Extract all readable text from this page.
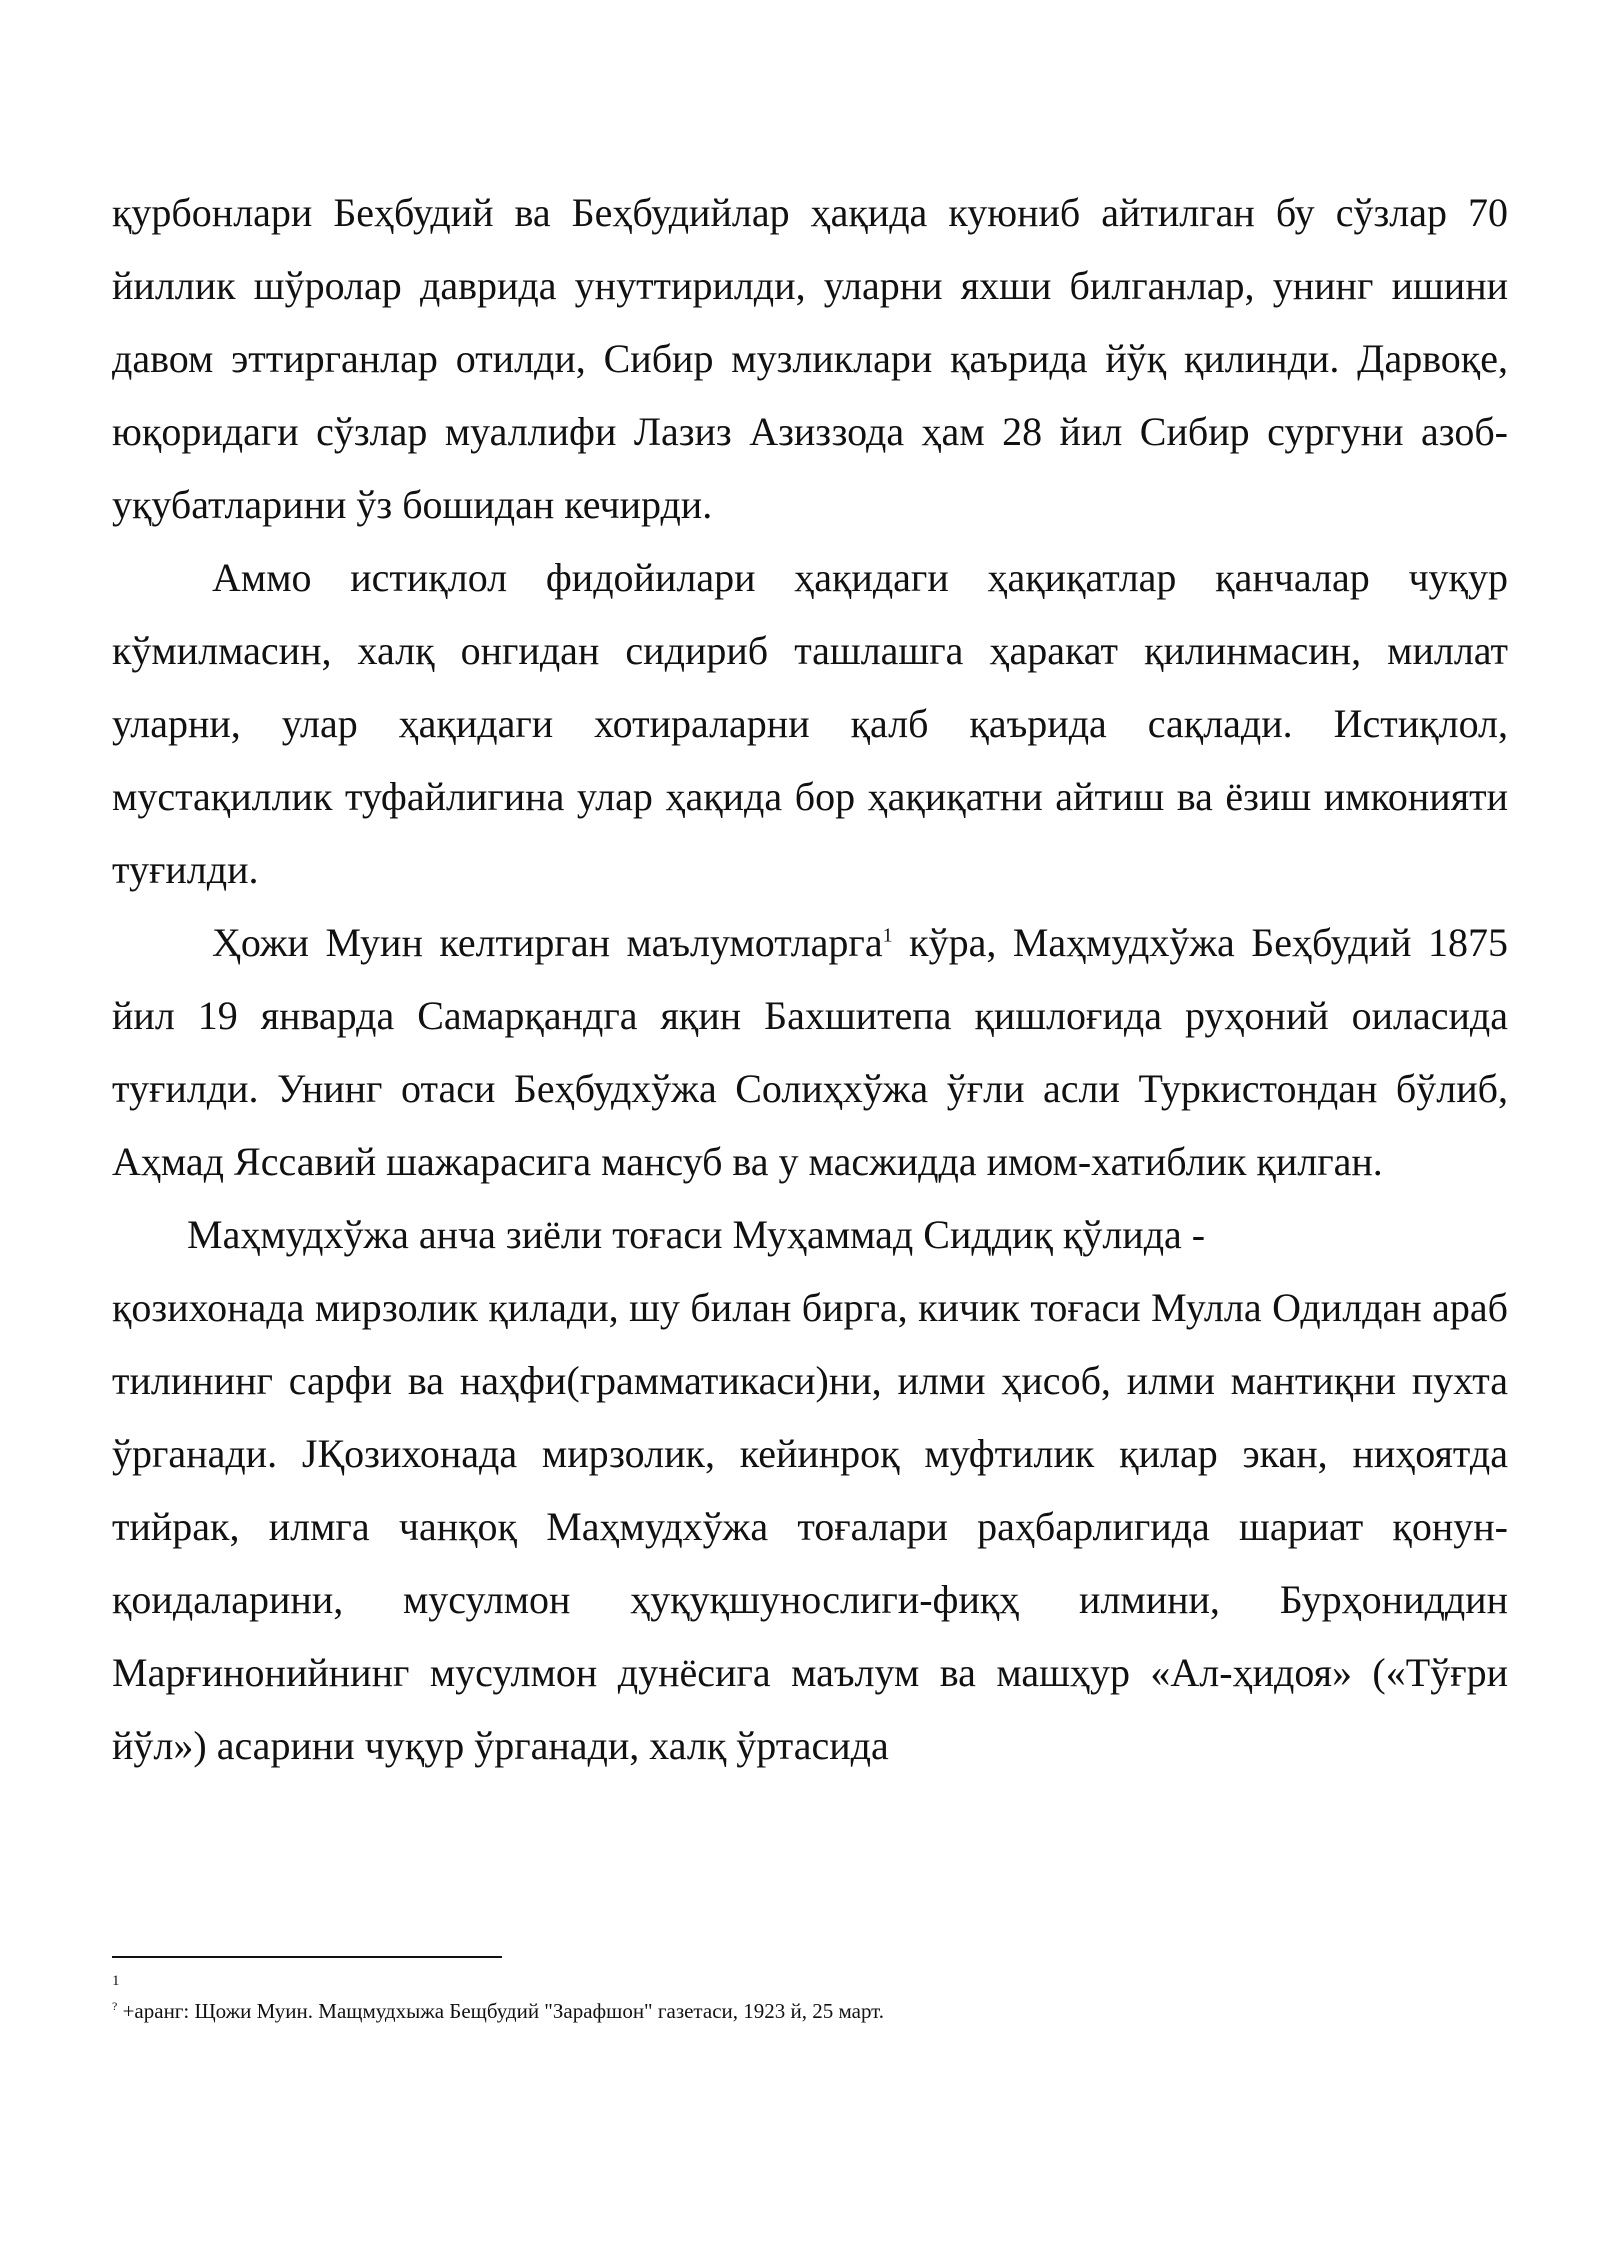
қурбонлари Беҳбудий ва Беҳбудийлар ҳақида куюниб айтилган бу сўзлар 70 йиллик шўролар даврида унуттирилди, уларни яхши билганлар, унинг ишини давом эттирганлар отилди, Сибир музликлари қаърида йўқ қилинди. Дарвоқе, юқоридаги сўзлар муаллифи Лазиз Азиззода ҳам 28 йил Сибир сургуни азоб-уқубатларини ўз бошидан кечирди.

Аммо истиқлол фидойилари ҳақидаги ҳақиқатлар қанчалар чуқур кўмилмасин, халқ онгидан сидириб ташлашга ҳаракат қилинмасин, миллат уларни, улар ҳақидаги хотираларни қалб қаърида сақлади. Истиқлол, мустақиллик туфайлигина улар ҳақида бор ҳақиқатни айтиш ва ёзиш имконияти туғилди.

Ҳожи Муин келтирган маълумотларга$^1$ кўра, Маҳмудхўжа Беҳбудий 1875 йил 19 январда Самарқандга яқин Бахшитепа қишлоғида руҳоний оиласида туғилди. Унинг отаси Беҳбудхўжа Солиҳхўжа ўғли асли Туркистондан бўлиб, Аҳмад Яссавий шажарасига мансуб ва у масжидда имом-хатиблик қилган.

Маҳмудхўжа анча зиёли тоғаси Муҳаммад Сиддиқ қўлида -

қозихонада мирзолик қилади, шу билан бирга, кичик тоғаси Мулла Одилдан араб тилининг сарфи ва наҳфи(грамматикаси)ни, илми ҳисоб, илми мантиқни пухта ўрганади. JҚозихонада мирзолик, кейинроқ муфтилик қилар экан, ниҳоятда тийрак, илмга чанқоқ Маҳмудхўжа тоғалари раҳбарлигида шариат қонун-қоидаларини, мусулмон ҳуқуқшунослиги-фиқҳ илмини, Бурҳониддин Марғинонийнинг мусулмон дунёсига маълум ва машҳур «Ал-ҳидоя» («Тўғри йўл») асарини чуқур ўрганади, халқ ўртасида

1
? +аранг: Щожи Муин. Мащмудхыжа Бещбудий "Зарафшон" газетаси, 1923 й, 25 март.
